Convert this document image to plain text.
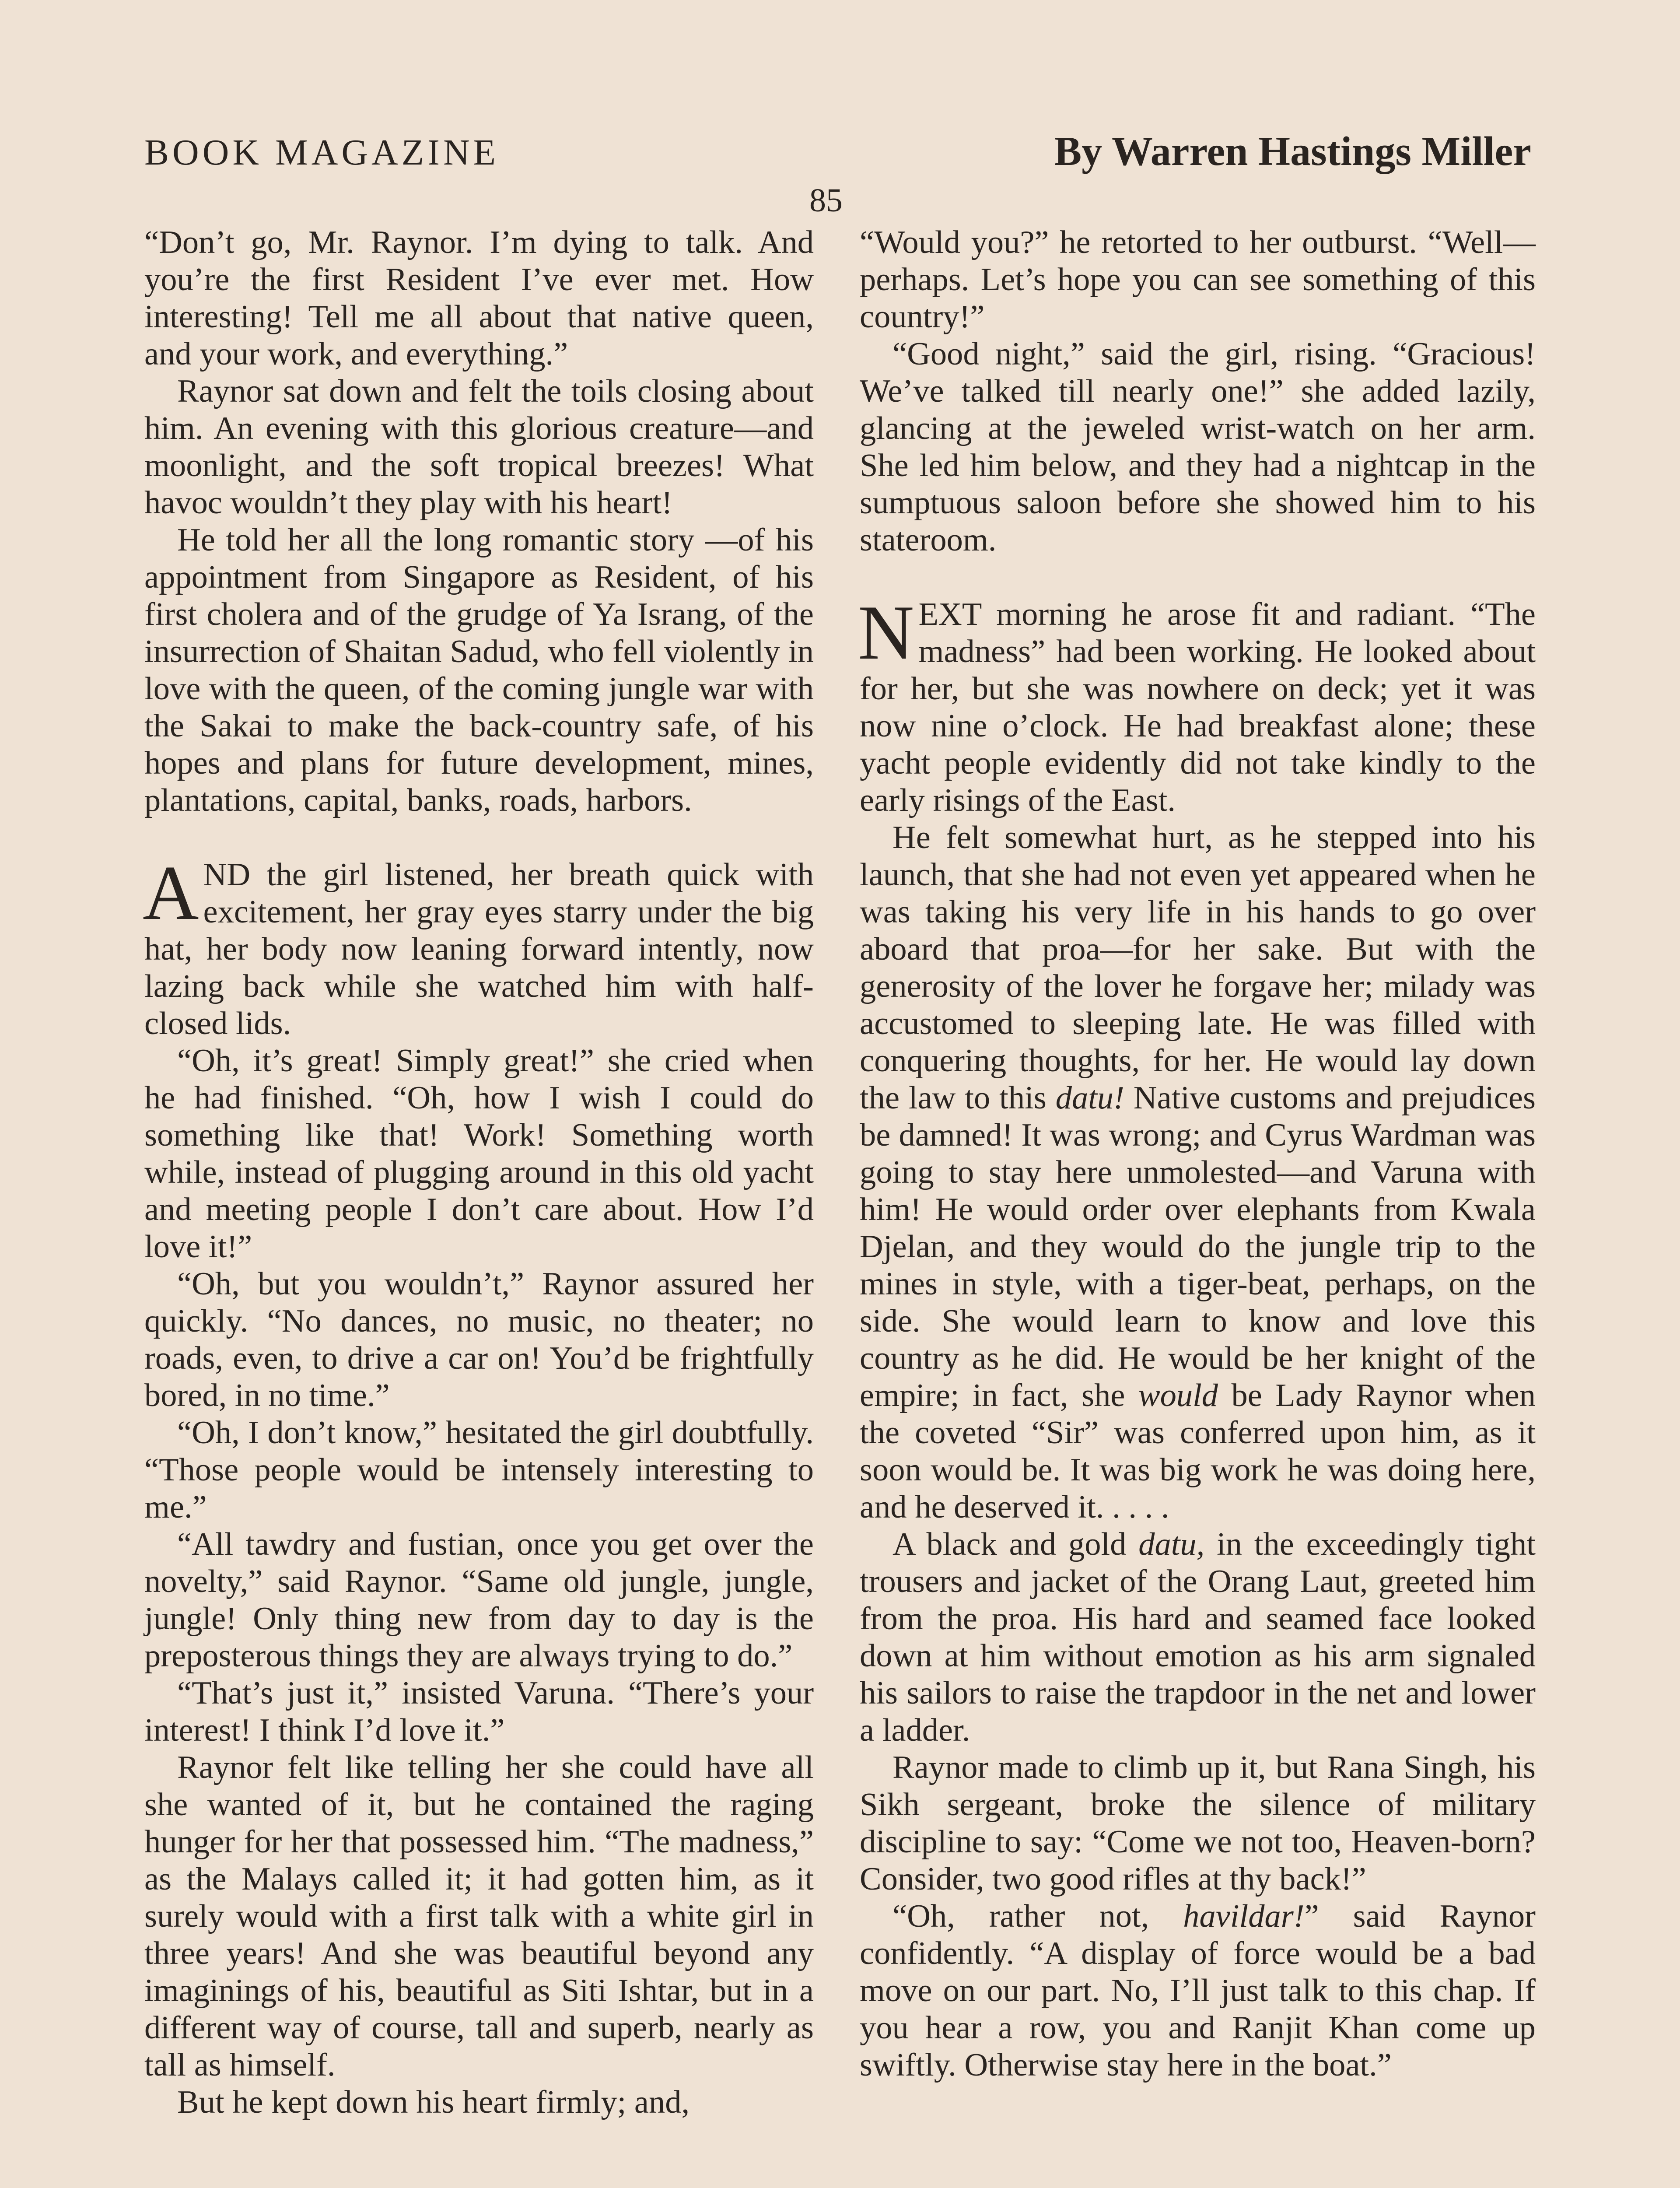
BOOK MAGAZINE	By Warren Hastings Miller
85

“Don’t go, Mr. Raynor. I’m dying to talk. And you’re the first Resident I’ve ever met. How interesting! Tell me all about that native queen, and your work, and everything.”

Raynor sat down and felt the toils closing about him. An evening with this glorious creature—and moonlight, and the soft tropical breezes! What havoc wouldn’t they play with his heart!

He told her all the long romantic story —of his appointment from Singapore as Resident, of his first cholera and of the grudge of Ya Israng, of the insurrection of Shaitan Sadud, who fell violently in love with the queen, of the coming jungle war with the Sakai to make the back-country safe, of his hopes and plans for future development, mines, plantations, capital, banks, roads, harbors.

AND the girl listened, her breath quick with excitement, her gray eyes starry under the big hat, her body now leaning forward intently, now lazing back while she watched him with half-closed lids.

“Oh, it’s great! Simply great!” she cried when he had finished. “Oh, how I wish I could do something like that! Work! Something worth while, instead of plugging around in this old yacht and meeting people I don’t care about. How I’d love it!”

“Oh, but you wouldn’t,” Raynor assured her quickly. “No dances, no music, no theater; no roads, even, to drive a car on! You’d be frightfully bored, in no time.”

“Oh, I don’t know,” hesitated the girl doubtfully. “Those people would be intensely interesting to me.”

“All tawdry and fustian, once you get over the novelty,” said Raynor. “Same old jungle, jungle, jungle! Only thing new from day to day is the preposterous things they are always trying to do.”

“That’s just it,” insisted Varuna. “There’s your interest! I think I’d love it.”

Raynor felt like telling her she could have all she wanted of it, but he contained the raging hunger for her that possessed him. “The madness,” as the Malays called it; it had gotten him, as it surely would with a first talk with a white girl in three years! And she was beautiful beyond any imaginings of his, beautiful as Siti Ishtar, but in a different way of course, tall and superb, nearly as tall as himself.

But he kept down his heart firmly; and,

“Would you?” he retorted to her outburst. “Well—perhaps. Let’s hope you can see something of this country!”

“Good night,” said the girl, rising. “Gracious! We’ve talked till nearly one!” she added lazily, glancing at the jeweled wrist-watch on her arm. She led him below, and they had a nightcap in the sumptuous saloon before she showed him to his stateroom.

NEXT morning he arose fit and radiant. “The madness” had been working. He looked about for her, but she was nowhere on deck; yet it was now nine o’clock. He had breakfast alone; these yacht people evidently did not take kindly to the early risings of the East.

He felt somewhat hurt, as he stepped into his launch, that she had not even yet appeared when he was taking his very life in his hands to go over aboard that proa—for her sake. But with the generosity of the lover he forgave her; milady was accustomed to sleeping late. He was filled with conquering thoughts, for her. He would lay down the law to this datu! Native customs and prejudices be damned! It was wrong; and Cyrus Wardman was going to stay here unmolested—and Varuna with him! He would order over elephants from Kwala Djelan, and they would do the jungle trip to the mines in style, with a tiger-beat, perhaps, on the side. She would learn to know and love this country as he did. He would be her knight of the empire; in fact, she would be Lady Raynor when the coveted “Sir” was conferred upon him, as it soon would be. It was big work he was doing here, and he deserved it. . . . .

A black and gold datu, in the exceedingly tight trousers and jacket of the Orang Laut, greeted him from the proa. His hard and seamed face looked down at him without emotion as his arm signaled his sailors to raise the trapdoor in the net and lower a ladder.

Raynor made to climb up it, but Rana Singh, his Sikh sergeant, broke the silence of military discipline to say: “Come we not too, Heaven-born? Consider, two good rifles at thy back!”

“Oh, rather not, havildar!” said Raynor confidently. “A display of force would be a bad move on our part. No, I’ll just talk to this chap. If you hear a row, you and Ranjit Khan come up swiftly. Otherwise stay here in the boat.”
